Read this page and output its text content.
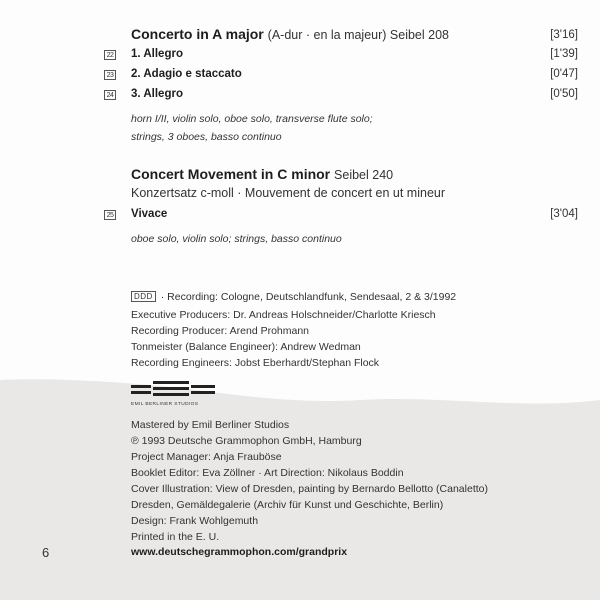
Concerto in A major (A-dur · en la majeur) Seibel 208	[3'16]
22 1. Allegro	[1'39]
23 2. Adagio e staccato	[0'47]
24 3. Allegro	[0'50]
horn I/II, violin solo, oboe solo, transverse flute solo;
strings, 3 oboes, basso continuo
Concert Movement in C minor Seibel 240
Konzertsatz c-moll · Mouvement de concert en ut mineur
25 Vivace	[3'04]
oboe solo, violin solo; strings, basso continuo
DDD · Recording: Cologne, Deutschlandfunk, Sendesaal, 2 & 3/1992
Executive Producers: Dr. Andreas Holschneider/Charlotte Kriesch
Recording Producer: Arend Prohmann
Tonmeister (Balance Engineer): Andrew Wedman
Recording Engineers: Jobst Eberhardt/Stephan Flock
EMIL BERLINER STUDIOS
Mastered by Emil Berliner Studios
℗ 1993 Deutsche Grammophon GmbH, Hamburg
Project Manager: Anja Frauböse
Booklet Editor: Eva Zöllner · Art Direction: Nikolaus Boddin
Cover Illustration: View of Dresden, painting by Bernardo Bellotto (Canaletto)
Dresden, Gemäldegalerie (Archiv für Kunst und Geschichte, Berlin)
Design: Frank Wohlgemuth
Printed in the E. U.
www.deutschegrammophon.com/grandprix
6
